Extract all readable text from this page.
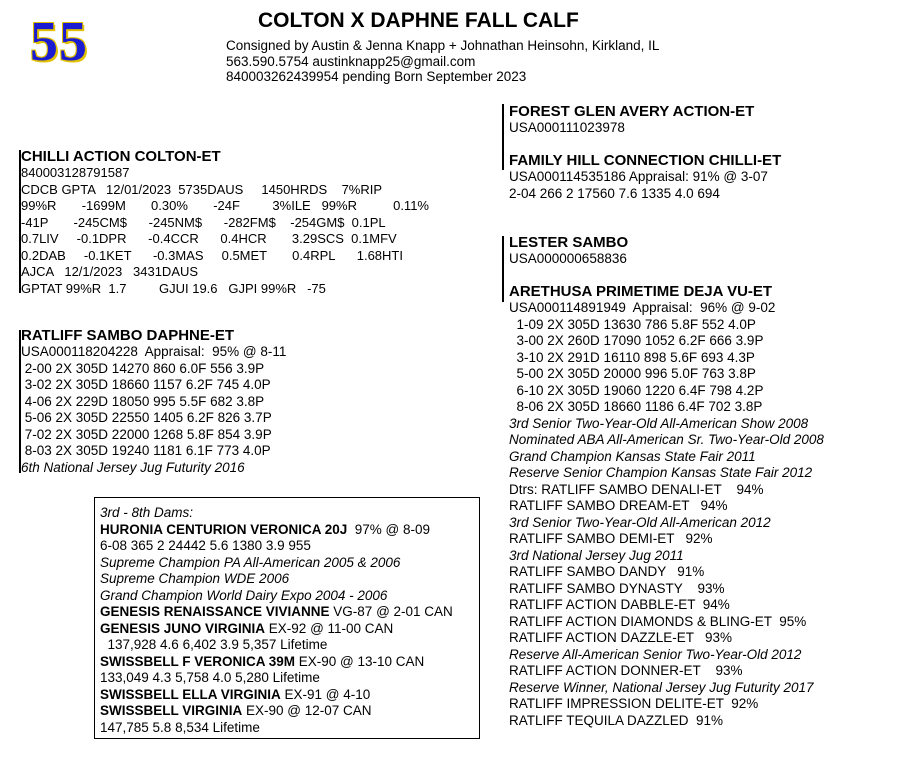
55	COLTON X DAPHNE FALL CALF
Consigned by Austin & Jenna Knapp + Johnathan Heinsohn, Kirkland, IL
563.590.5754 austinknapp25@gmail.com
840003262439954 pending Born September 2023
CHILLI ACTION COLTON-ET
840003128791587
CDCB GPTA   12/01/2023  5735DAUS     1450HRDS    7%RIP
99%R       -1699M       0.30%       -24F         3%ILE   99%R          0.11%
-41P       -245CM$      -245NM$      -282FM$    -254GM$  0.1PL
0.7LIV     -0.1DPR      -0.4CCR      0.4HCR       3.29SCS  0.1MFV
0.2DAB     -0.1KET      -0.3MAS     0.5MET       0.4RPL      1.68HTI
AJCA   12/1/2023   3431DAUS
GPTAT 99%R  1.7         GJUI 19.6   GJPI 99%R   -75
RATLIFF SAMBO DAPHNE-ET
USA000118204228  Appraisal:  95% @ 8-11
2-00 2X 305D 14270 860 6.0F 556 3.9P
3-02 2X 305D 18660 1157 6.2F 745 4.0P
4-06 2X 229D 18050 995 5.5F 682 3.8P
5-06 2X 305D 22550 1405 6.2F 826 3.7P
7-02 2X 305D 22000 1268 5.8F 854 3.9P
8-03 2X 305D 19240 1181 6.1F 773 4.0P
6th National Jersey Jug Futurity 2016
FOREST GLEN AVERY ACTION-ET
USA000111023978
FAMILY HILL CONNECTION CHILLI-ET
USA000114535186 Appraisal: 91% @ 3-07
2-04 266 2 17560 7.6 1335 4.0 694
LESTER SAMBO
USA000000658836
ARETHUSA PRIMETIME DEJA VU-ET
USA000114891949  Appraisal:  96% @ 9-02
1-09 2X 305D 13630 786 5.8F 552 4.0P
3-00 2X 260D 17090 1052 6.2F 666 3.9P
3-10 2X 291D 16110 898 5.6F 693 4.3P
5-00 2X 305D 20000 996 5.0F 763 3.8P
6-10 2X 305D 19060 1220 6.4F 798 4.2P
8-06 2X 305D 18660 1186 6.4F 702 3.8P
3rd Senior Two-Year-Old All-American Show 2008
Nominated ABA All-American Sr. Two-Year-Old 2008
Grand Champion Kansas State Fair 2011
Reserve Senior Champion Kansas State Fair 2012
Dtrs: RATLIFF SAMBO DENALI-ET    94%
RATLIFF SAMBO DREAM-ET   94%
3rd Senior Two-Year-Old All-American 2012
RATLIFF SAMBO DEMI-ET   92%
3rd National Jersey Jug 2011
RATLIFF SAMBO DANDY   91%
RATLIFF SAMBO DYNASTY    93%
RATLIFF ACTION DABBLE-ET  94%
RATLIFF ACTION DIAMONDS & BLING-ET  95%
RATLIFF ACTION DAZZLE-ET   93%
Reserve All-American Senior Two-Year-Old 2012
RATLIFF ACTION DONNER-ET    93%
Reserve Winner, National Jersey Jug Futurity 2017
RATLIFF IMPRESSION DELITE-ET  92%
RATLIFF TEQUILA DAZZLED  91%
3rd - 8th Dams:
HURONIA CENTURION VERONICA 20J  97% @ 8-09
6-08 365 2 24442 5.6 1380 3.9 955
Supreme Champion PA All-American 2005 & 2006
Supreme Champion WDE 2006
Grand Champion World Dairy Expo 2004 - 2006
GENESIS RENAISSANCE VIVIANNE VG-87 @ 2-01 CAN
GENESIS JUNO VIRGINIA EX-92 @ 11-00 CAN
137,928 4.6 6,402 3.9 5,357 Lifetime
SWISSBELL F VERONICA 39M EX-90 @ 13-10 CAN
133,049 4.3 5,758 4.0 5,280 Lifetime
SWISSBELL ELLA VIRGINIA EX-91 @ 4-10
SWISSBELL VIRGINIA EX-90 @ 12-07 CAN
147,785 5.8 8,534 Lifetime
